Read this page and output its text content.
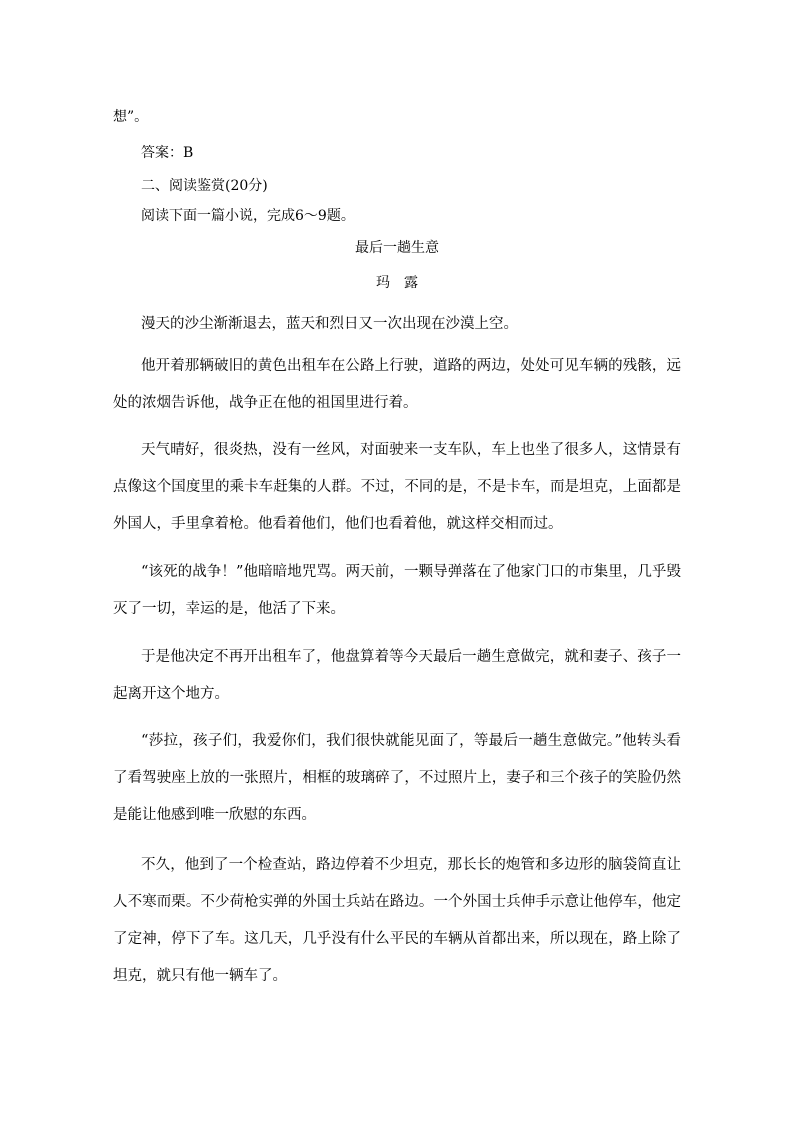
想”。

答案：B

二、阅读鉴赏(20分)

阅读下面一篇小说，完成6～9题。

最后一趟生意

玛　露

漫天的沙尘渐渐退去，蓝天和烈日又一次出现在沙漠上空。

他开着那辆破旧的黄色出租车在公路上行驶，道路的两边，处处可见车辆的残骸，远处的浓烟告诉他，战争正在他的祖国里进行着。

天气晴好，很炎热，没有一丝风，对面驶来一支车队，车上也坐了很多人，这情景有点像这个国度里的乘卡车赶集的人群。不过，不同的是，不是卡车，而是坦克，上面都是外国人，手里拿着枪。他看着他们，他们也看着他，就这样交相而过。

“该死的战争！”他暗暗地咒骂。两天前，一颗导弹落在了他家门口的市集里，几乎毁灭了一切，幸运的是，他活了下来。

于是他决定不再开出租车了，他盘算着等今天最后一趟生意做完，就和妻子、孩子一起离开这个地方。

“莎拉，孩子们，我爱你们，我们很快就能见面了，等最后一趟生意做完。”他转头看了看驾驶座上放的一张照片，相框的玻璃碎了，不过照片上，妻子和三个孩子的笑脸仍然是能让他感到唯一欣慰的东西。

不久，他到了一个检查站，路边停着不少坦克，那长长的炮管和多边形的脑袋简直让人不寒而栗。不少荷枪实弹的外国士兵站在路边。一个外国士兵伸手示意让他停车，他定了定神，停下了车。这几天，几乎没有什么平民的车辆从首都出来，所以现在，路上除了坦克，就只有他一辆车了。
